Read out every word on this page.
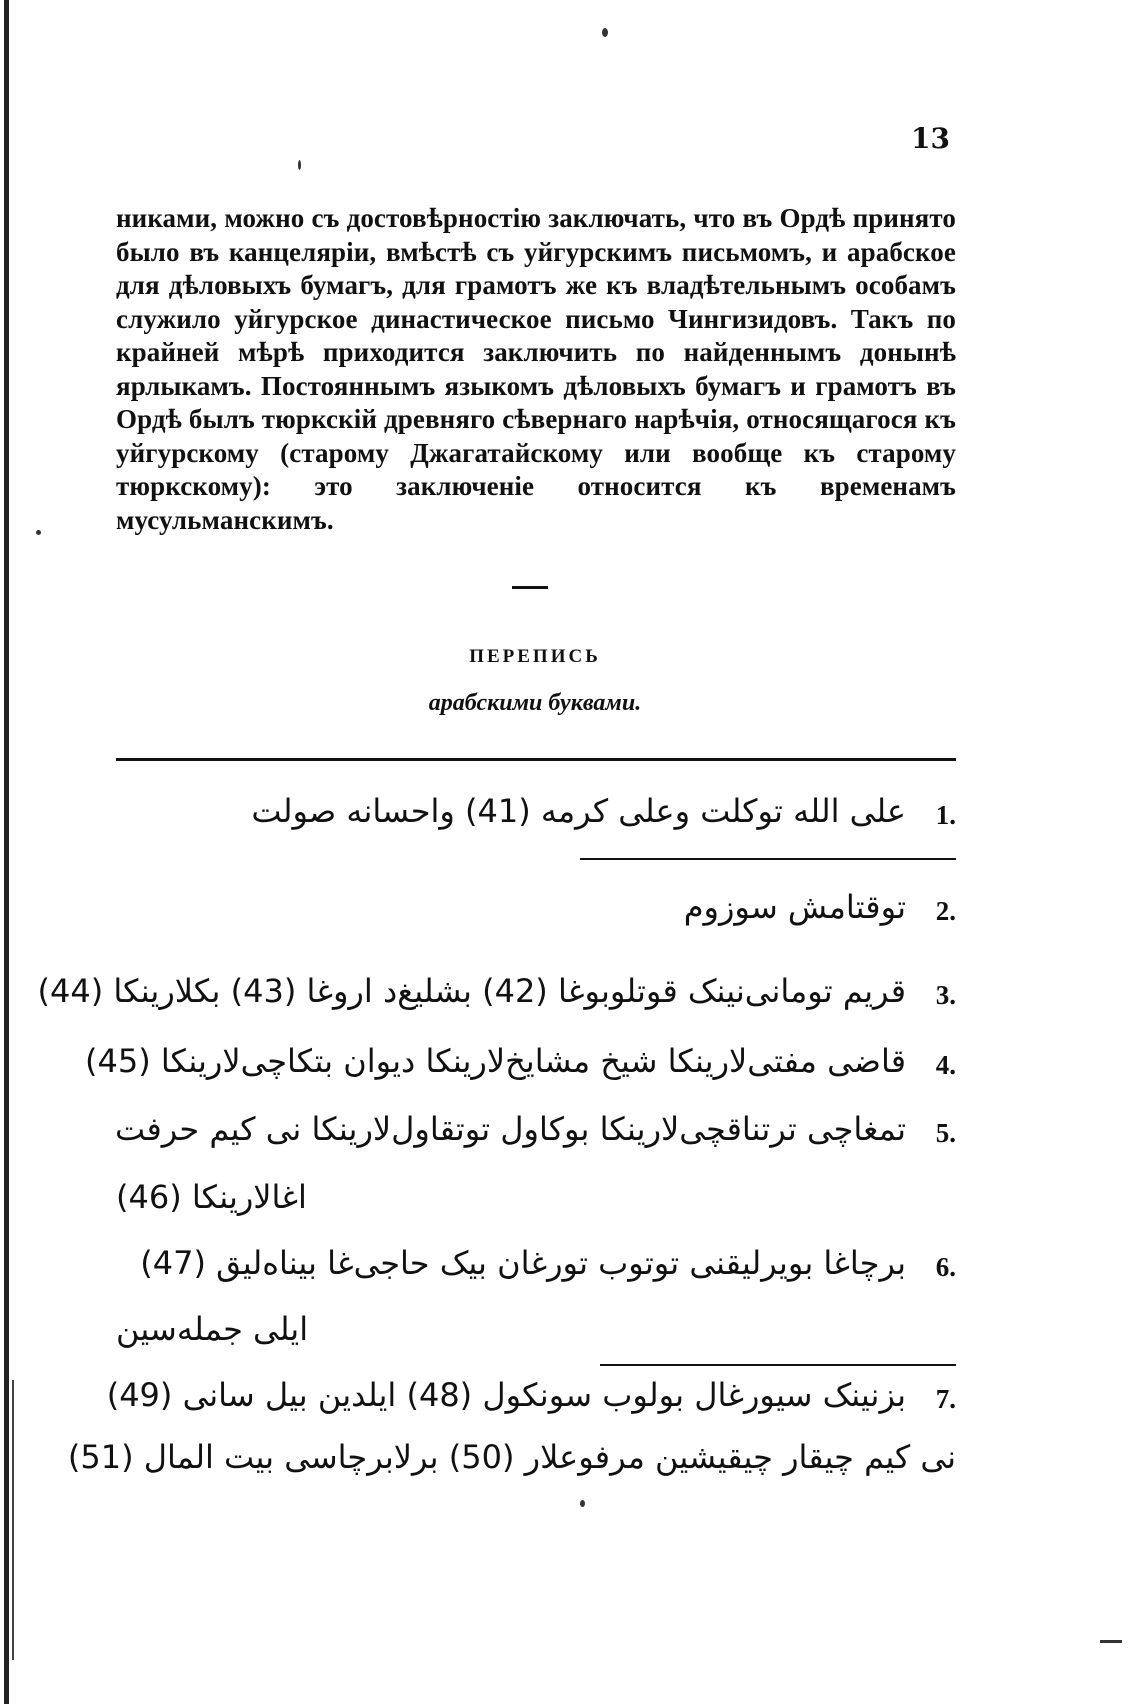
13
никами, можно съ достовѣрностію заключать, что въ Ордѣ принято было въ канцеляріи, вмѣстѣ съ уйгурскимъ письмомъ, и арабское для дѣловыхъ бумагъ, для грамотъ же къ владѣтельнымъ особамъ служило уйгурское династическое письмо Чингизидовъ. Такъ по крайней мѣрѣ приходится заключить по найденнымъ донынѣ ярлыкамъ. Постояннымъ языкомъ дѣловыхъ бумагъ и грамотъ въ Ордѣ былъ тюркскій древняго сѣвернаго нарѣчія, относящагося къ уйгурскому (старому Джагатайскому или вообще къ старому тюркскому): это заключеніе относится къ временамъ мусульманскимъ.
ПЕРЕПИСЬ
арабскими буквами.
علی الله توکلت وعلی کرمه (41) واحسانه صولت 1.
توقتامش سوزوم 2.
قریم تومانی‌نینک قوتلوبوغا (42) بشلیغ‌د اروغا (43) بکلارینکا (44) 3.
قاضی مفتی‌لارینکا شیخ مشایخ‌لارینکا دیوان بتکاچی‌لارینکا (45) 4.
تمغاچی ترتناقچی‌لارینکا بوکاول توتقاول‌لارینکا نی کیم حرفت 5.
اغالارینکا (46)
برچاغا بویرلیقنی توتوب تورغان بیک حاجی‌غا بیناه‌لیق (47) 6.
ایلی جمله‌سین
بزنینک سیورغال بولوب سونکول (48) ایلدین بیل سانی (49) 7.
نی کیم چیقار چیقیشین مرفوعلار (50) برلابرچاسی بیت المال (51)
